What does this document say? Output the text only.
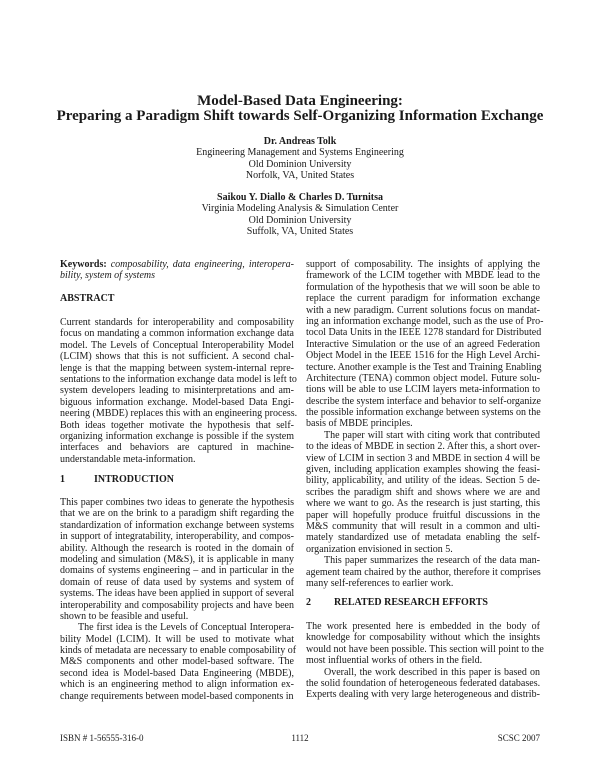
Model-Based Data Engineering:
Preparing a Paradigm Shift towards Self-Organizing Information Exchange
Dr. Andreas Tolk
Engineering Management and Systems Engineering
Old Dominion University
Norfolk, VA, United States
Saikou Y. Diallo & Charles D. Turnitsa
Virginia Modeling Analysis & Simulation Center
Old Dominion University
Suffolk, VA, United States
Keywords: composability, data engineering, interopera-
bility, system of systems
ABSTRACT
Current standards for interoperability and composability
focus on mandating a common information exchange data
model. The Levels of Conceptual Interoperability Model
(LCIM) shows that this is not sufficient. A second chal-
lenge is that the mapping between system-internal repre-
sentations to the information exchange data model is left to
system developers leading to misinterpretations and am-
biguous information exchange. Model-based Data Engi-
neering (MBDE) replaces this with an engineering process.
Both ideas together motivate the hypothesis that self-
organizing information exchange is possible if the system
interfaces and behaviors are captured in machine-
understandable meta-information.
1	INTRODUCTION
This paper combines two ideas to generate the hypothesis
that we are on the brink to a paradigm shift regarding the
standardization of information exchange between systems
in support of integratability, interoperability, and compos-
ability. Although the research is rooted in the domain of
modeling and simulation (M&S), it is applicable in many
domains of systems engineering – and in particular in the
domain of reuse of data used by systems and system of
systems. The ideas have been applied in support of several
interoperability and composability projects and have been
shown to be feasible and useful.
The first idea is the Levels of Conceptual Interopera-
bility Model (LCIM). It will be used to motivate what
kinds of metadata are necessary to enable composability of
M&S components and other model-based software. The
second idea is Model-based Data Engineering (MBDE),
which is an engineering method to align information ex-
change requirements between model-based components in
support of composability. The insights of applying the
framework of the LCIM together with MBDE lead to the
formulation of the hypothesis that we will soon be able to
replace the current paradigm for information exchange
with a new paradigm. Current solutions focus on mandat-
ing an information exchange model, such as the use of Pro-
tocol Data Units in the IEEE 1278 standard for Distributed
Interactive Simulation or the use of an agreed Federation
Object Model in the IEEE 1516 for the High Level Archi-
tecture. Another example is the Test and Training Enabling
Architecture (TENA) common object model. Future solu-
tions will be able to use LCIM layers meta-information to
describe the system interface and behavior to self-organize
the possible information exchange between systems on the
basis of MBDE principles.
The paper will start with citing work that contributed
to the ideas of MBDE in section 2. After this, a short over-
view of LCIM in section 3 and MBDE in section 4 will be
given, including application examples showing the feasi-
bility, applicability, and utility of the ideas. Section 5 de-
scribes the paradigm shift and shows where we are and
where we want to go. As the research is just starting, this
paper will hopefully produce fruitful discussions in the
M&S community that will result in a common and ulti-
mately standardized use of metadata enabling the self-
organization envisioned in section 5.
This paper summarizes the research of the data man-
agement team chaired by the author, therefore it comprises
many self-references to earlier work.
2 RELATED RESEARCH EFFORTS
The work presented here is embedded in the body of
knowledge for composability without which the insights
would not have been possible. This section will point to the
most influential works of others in the field.
Overall, the work described in this paper is based on
the solid foundation of heterogeneous federated databases.
Experts dealing with very large heterogeneous and distrib-
ISBN # 1-56555-316-0	1112	SCSC 2007
